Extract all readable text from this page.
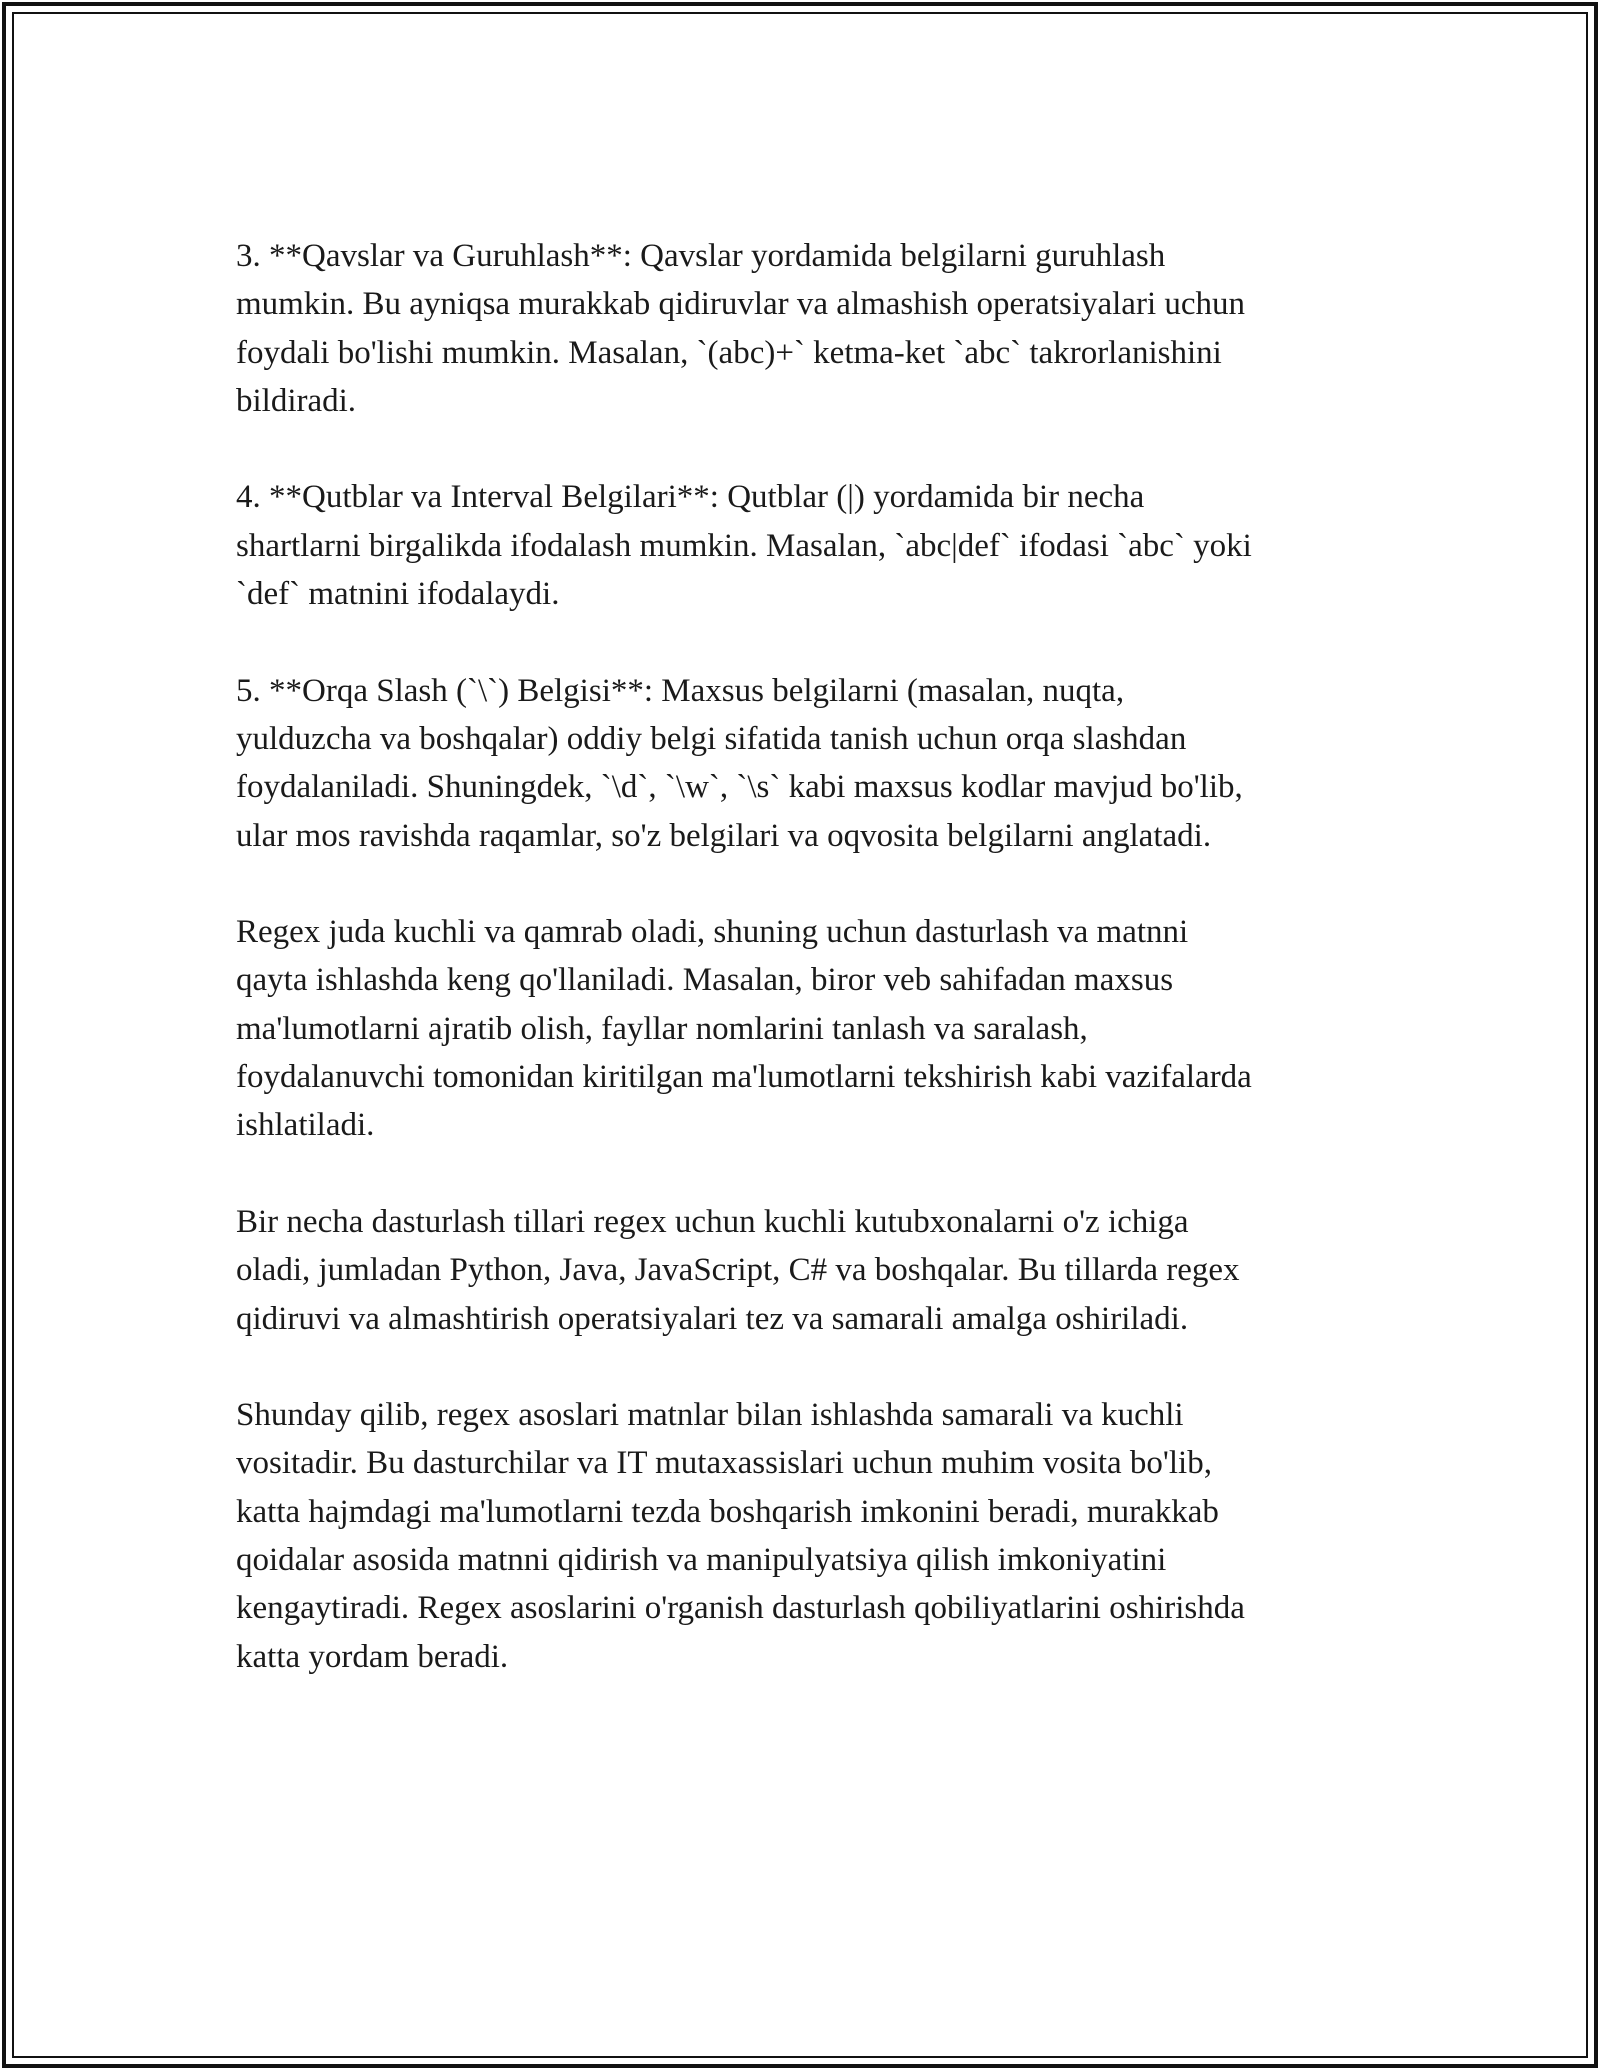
3. **Qavslar va Guruhlash**: Qavslar yordamida belgilarni guruhlash
mumkin. Bu ayniqsa murakkab qidiruvlar va almashish operatsiyalari uchun
foydali bo'lishi mumkin. Masalan, `(abc)+` ketma-ket `abc` takrorlanishini
bildiradi.

4. **Qutblar va Interval Belgilari**: Qutblar (|) yordamida bir necha
shartlarni birgalikda ifodalash mumkin. Masalan, `abc|def` ifodasi `abc` yoki
`def` matnini ifodalaydi.

5. **Orqa Slash (`\`) Belgisi**: Maxsus belgilarni (masalan, nuqta,
yulduzcha va boshqalar) oddiy belgi sifatida tanish uchun orqa slashdan
foydalaniladi. Shuningdek, `\d`, `\w`, `\s` kabi maxsus kodlar mavjud bo'lib,
ular mos ravishda raqamlar, so'z belgilari va oqvosita belgilarni anglatadi.

Regex juda kuchli va qamrab oladi, shuning uchun dasturlash va matnni
qayta ishlashda keng qo'llaniladi. Masalan, biror veb sahifadan maxsus
ma'lumotlarni ajratib olish, fayllar nomlarini tanlash va saralash,
foydalanuvchi tomonidan kiritilgan ma'lumotlarni tekshirish kabi vazifalarda
ishlatiladi.

Bir necha dasturlash tillari regex uchun kuchli kutubxonalarni o'z ichiga
oladi, jumladan Python, Java, JavaScript, C# va boshqalar. Bu tillarda regex
qidiruvi va almashtirish operatsiyalari tez va samarali amalga oshiriladi.

Shunday qilib, regex asoslari matnlar bilan ishlashda samarali va kuchli
vositadir. Bu dasturchilar va IT mutaxassislari uchun muhim vosita bo'lib,
katta hajmdagi ma'lumotlarni tezda boshqarish imkonini beradi, murakkab
qoidalar asosida matnni qidirish va manipulyatsiya qilish imkoniyatini
kengaytiradi. Regex asoslarini o'rganish dasturlash qobiliyatlarini oshirishda
katta yordam beradi.
